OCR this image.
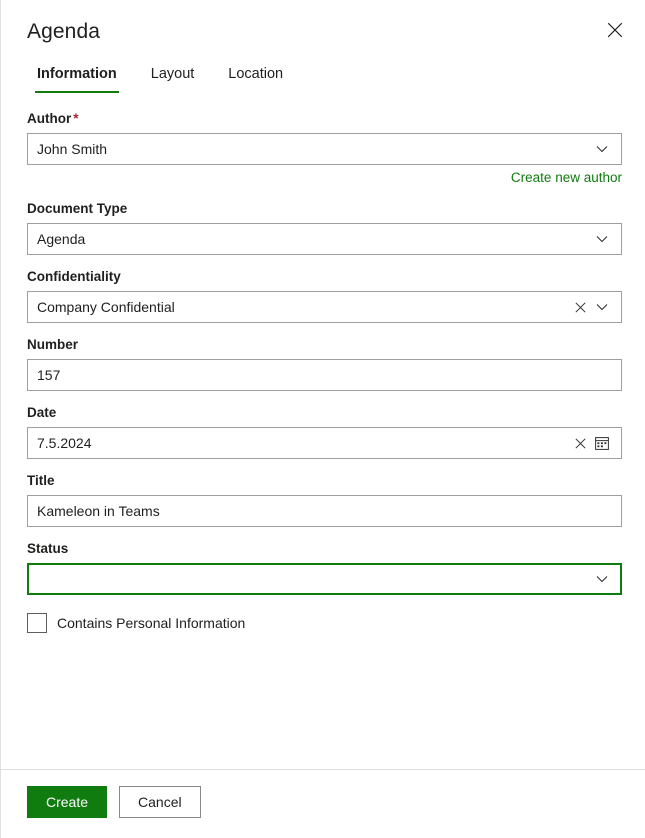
Agenda
Information Layout Location
Author *
John Smith
Create new author
Document Type
Agenda
Confidentiality
Company Confidential
Number
157
Date
7.5.2024
Title
Kameleon in Teams
Status
Contains Personal Information
Create	Cancel
